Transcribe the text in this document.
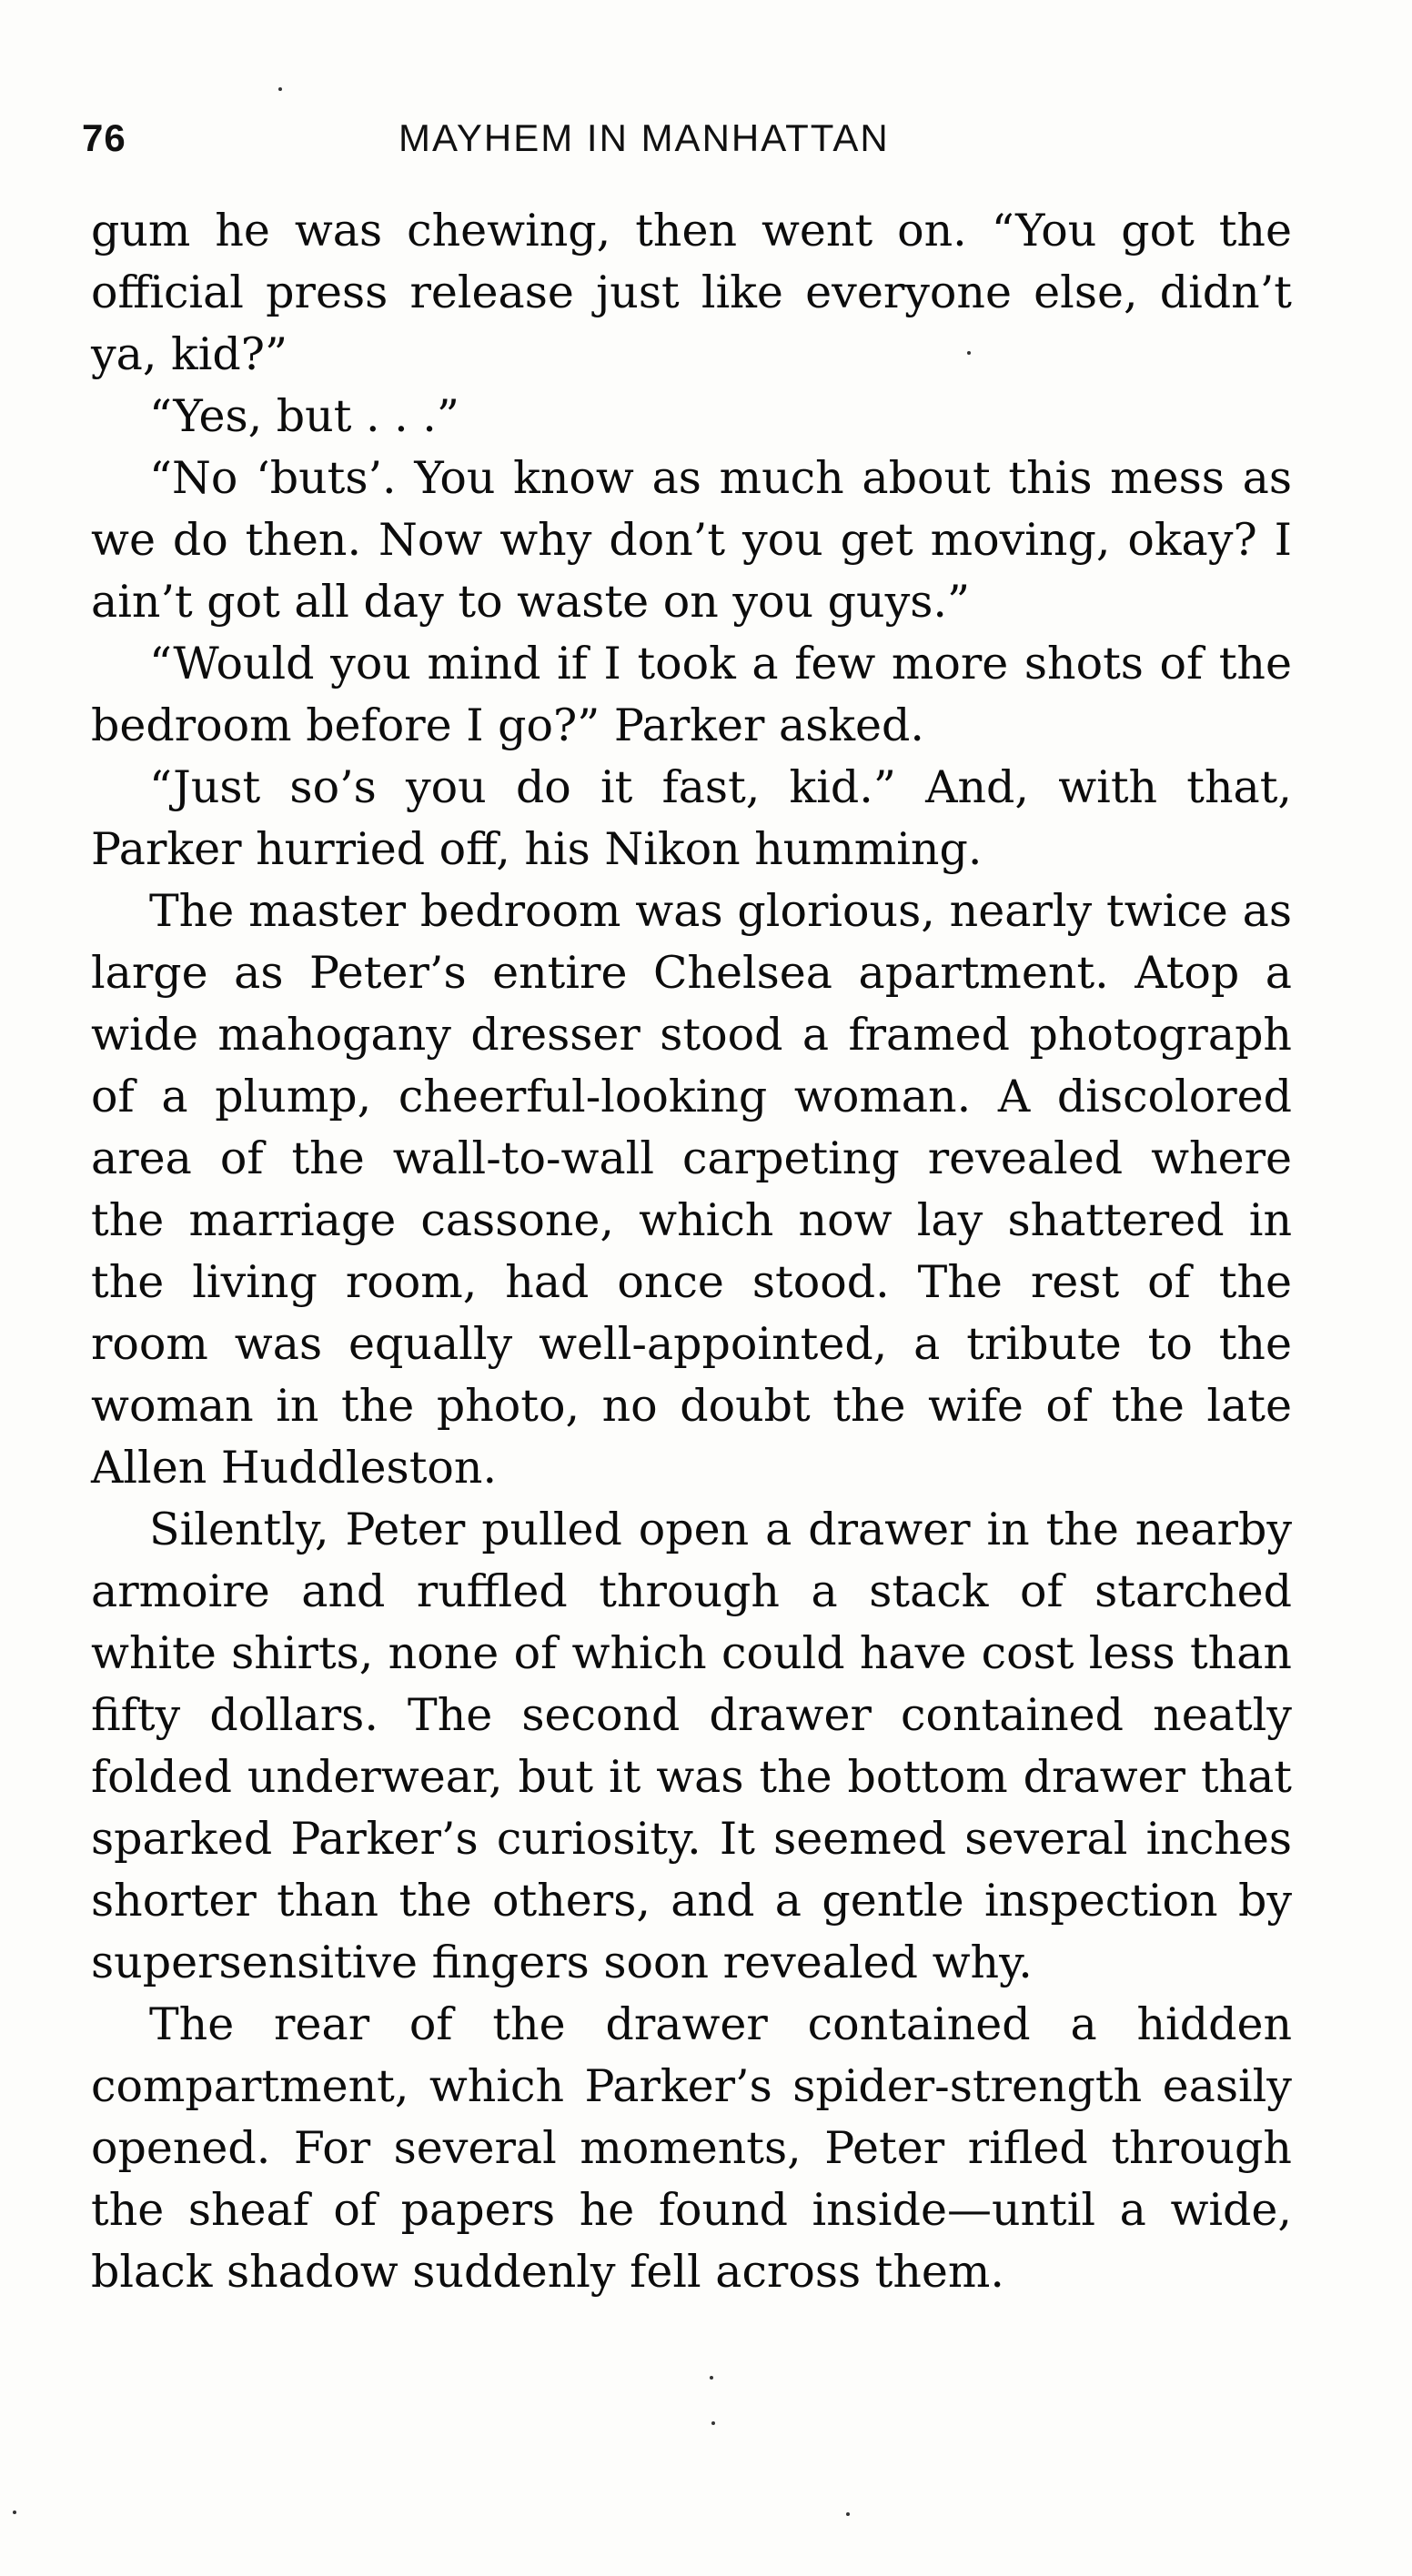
76	MAYHEM IN MANHATTAN

gum he was chewing, then went on. “You got the official press release just like everyone else, didn’t ya, kid?”

“Yes, but . . .”

“No ‘buts’. You know as much about this mess as we do then. Now why don’t you get moving, okay? I ain’t got all day to waste on you guys.”

“Would you mind if I took a few more shots of the bedroom before I go?” Parker asked.

“Just so’s you do it fast, kid.” And, with that, Parker hurried off, his Nikon humming.

The master bedroom was glorious, nearly twice as large as Peter’s entire Chelsea apartment. Atop a wide mahogany dresser stood a framed photograph of a plump, cheerful-looking woman. A discolored area of the wall-to-wall carpeting revealed where the marriage cassone, which now lay shattered in the living room, had once stood. The rest of the room was equally well-appointed, a tribute to the woman in the photo, no doubt the wife of the late Allen Huddleston.

Silently, Peter pulled open a drawer in the nearby armoire and ruffled through a stack of starched white shirts, none of which could have cost less than fifty dollars. The second drawer contained neatly folded underwear, but it was the bottom drawer that sparked Parker’s curiosity. It seemed several inches shorter than the others, and a gentle inspection by supersensitive fingers soon revealed why.

The rear of the drawer contained a hidden compartment, which Parker’s spider-strength easily opened. For several moments, Peter rifled through the sheaf of papers he found inside—until a wide, black shadow suddenly fell across them.
